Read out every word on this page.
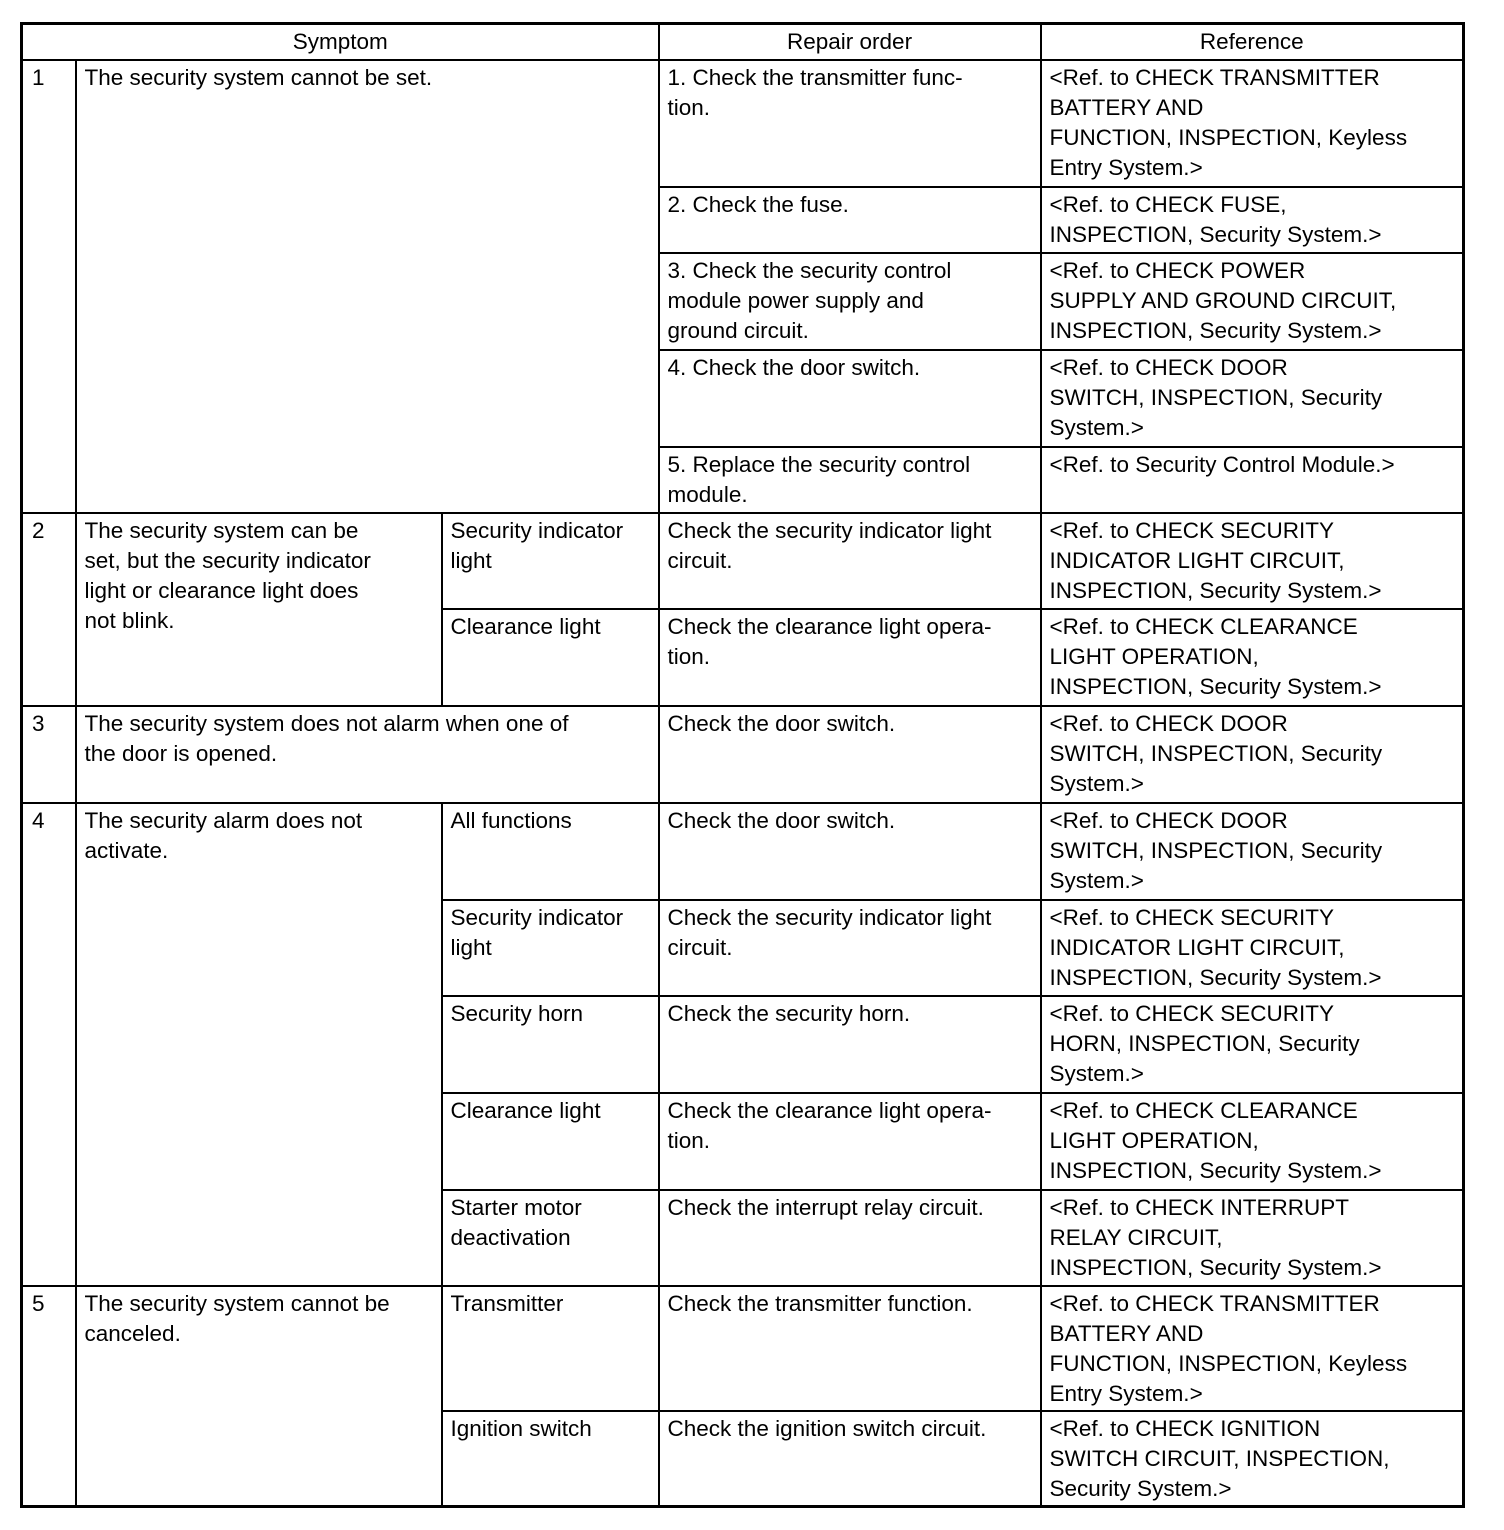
Symptom			Repair order	Reference
1	The security system cannot be set.		1. Check the transmitter func-
tion.	<Ref. to CHECK TRANSMITTER
BATTERY AND
FUNCTION, INSPECTION, Keyless
Entry System.>

			2. Check the fuse.	<Ref. to CHECK FUSE,
INSPECTION, Security System.>

			3. Check the security control
module power supply and
ground circuit.	<Ref. to CHECK POWER
SUPPLY AND GROUND CIRCUIT,
INSPECTION, Security System.>

			4. Check the door switch.	<Ref. to CHECK DOOR
SWITCH, INSPECTION, Security
System.>

			5. Replace the security control
module.	<Ref. to Security Control Module.>

2	The security system can be
set, but the security indicator
light or clearance light does
not blink.	Security indicator
light	Check the security indicator light
circuit.	<Ref. to CHECK SECURITY
INDICATOR LIGHT CIRCUIT,
INSPECTION, Security System.>

		Clearance light	Check the clearance light opera-
tion.	<Ref. to CHECK CLEARANCE
LIGHT OPERATION,
INSPECTION, Security System.>

3	The security system does not alarm when one of
the door is opened.		Check the door switch.	<Ref. to CHECK DOOR
SWITCH, INSPECTION, Security
System.>

4	The security alarm does not
activate.	All functions	Check the door switch.	<Ref. to CHECK DOOR
SWITCH, INSPECTION, Security
System.>

		Security indicator
light	Check the security indicator light
circuit.	<Ref. to CHECK SECURITY
INDICATOR LIGHT CIRCUIT,
INSPECTION, Security System.>

		Security horn	Check the security horn.	<Ref. to CHECK SECURITY
HORN, INSPECTION, Security
System.>

		Clearance light	Check the clearance light opera-
tion.	<Ref. to CHECK CLEARANCE
LIGHT OPERATION,
INSPECTION, Security System.>

		Starter motor
deactivation	Check the interrupt relay circuit.	<Ref. to CHECK INTERRUPT
RELAY CIRCUIT,
INSPECTION, Security System.>

5	The security system cannot be
canceled.	Transmitter	Check the transmitter function.	<Ref. to CHECK TRANSMITTER
BATTERY AND
FUNCTION, INSPECTION, Keyless
Entry System.>

		Ignition switch	Check the ignition switch circuit.	<Ref. to CHECK IGNITION
SWITCH CIRCUIT, INSPECTION,
Security System.>
